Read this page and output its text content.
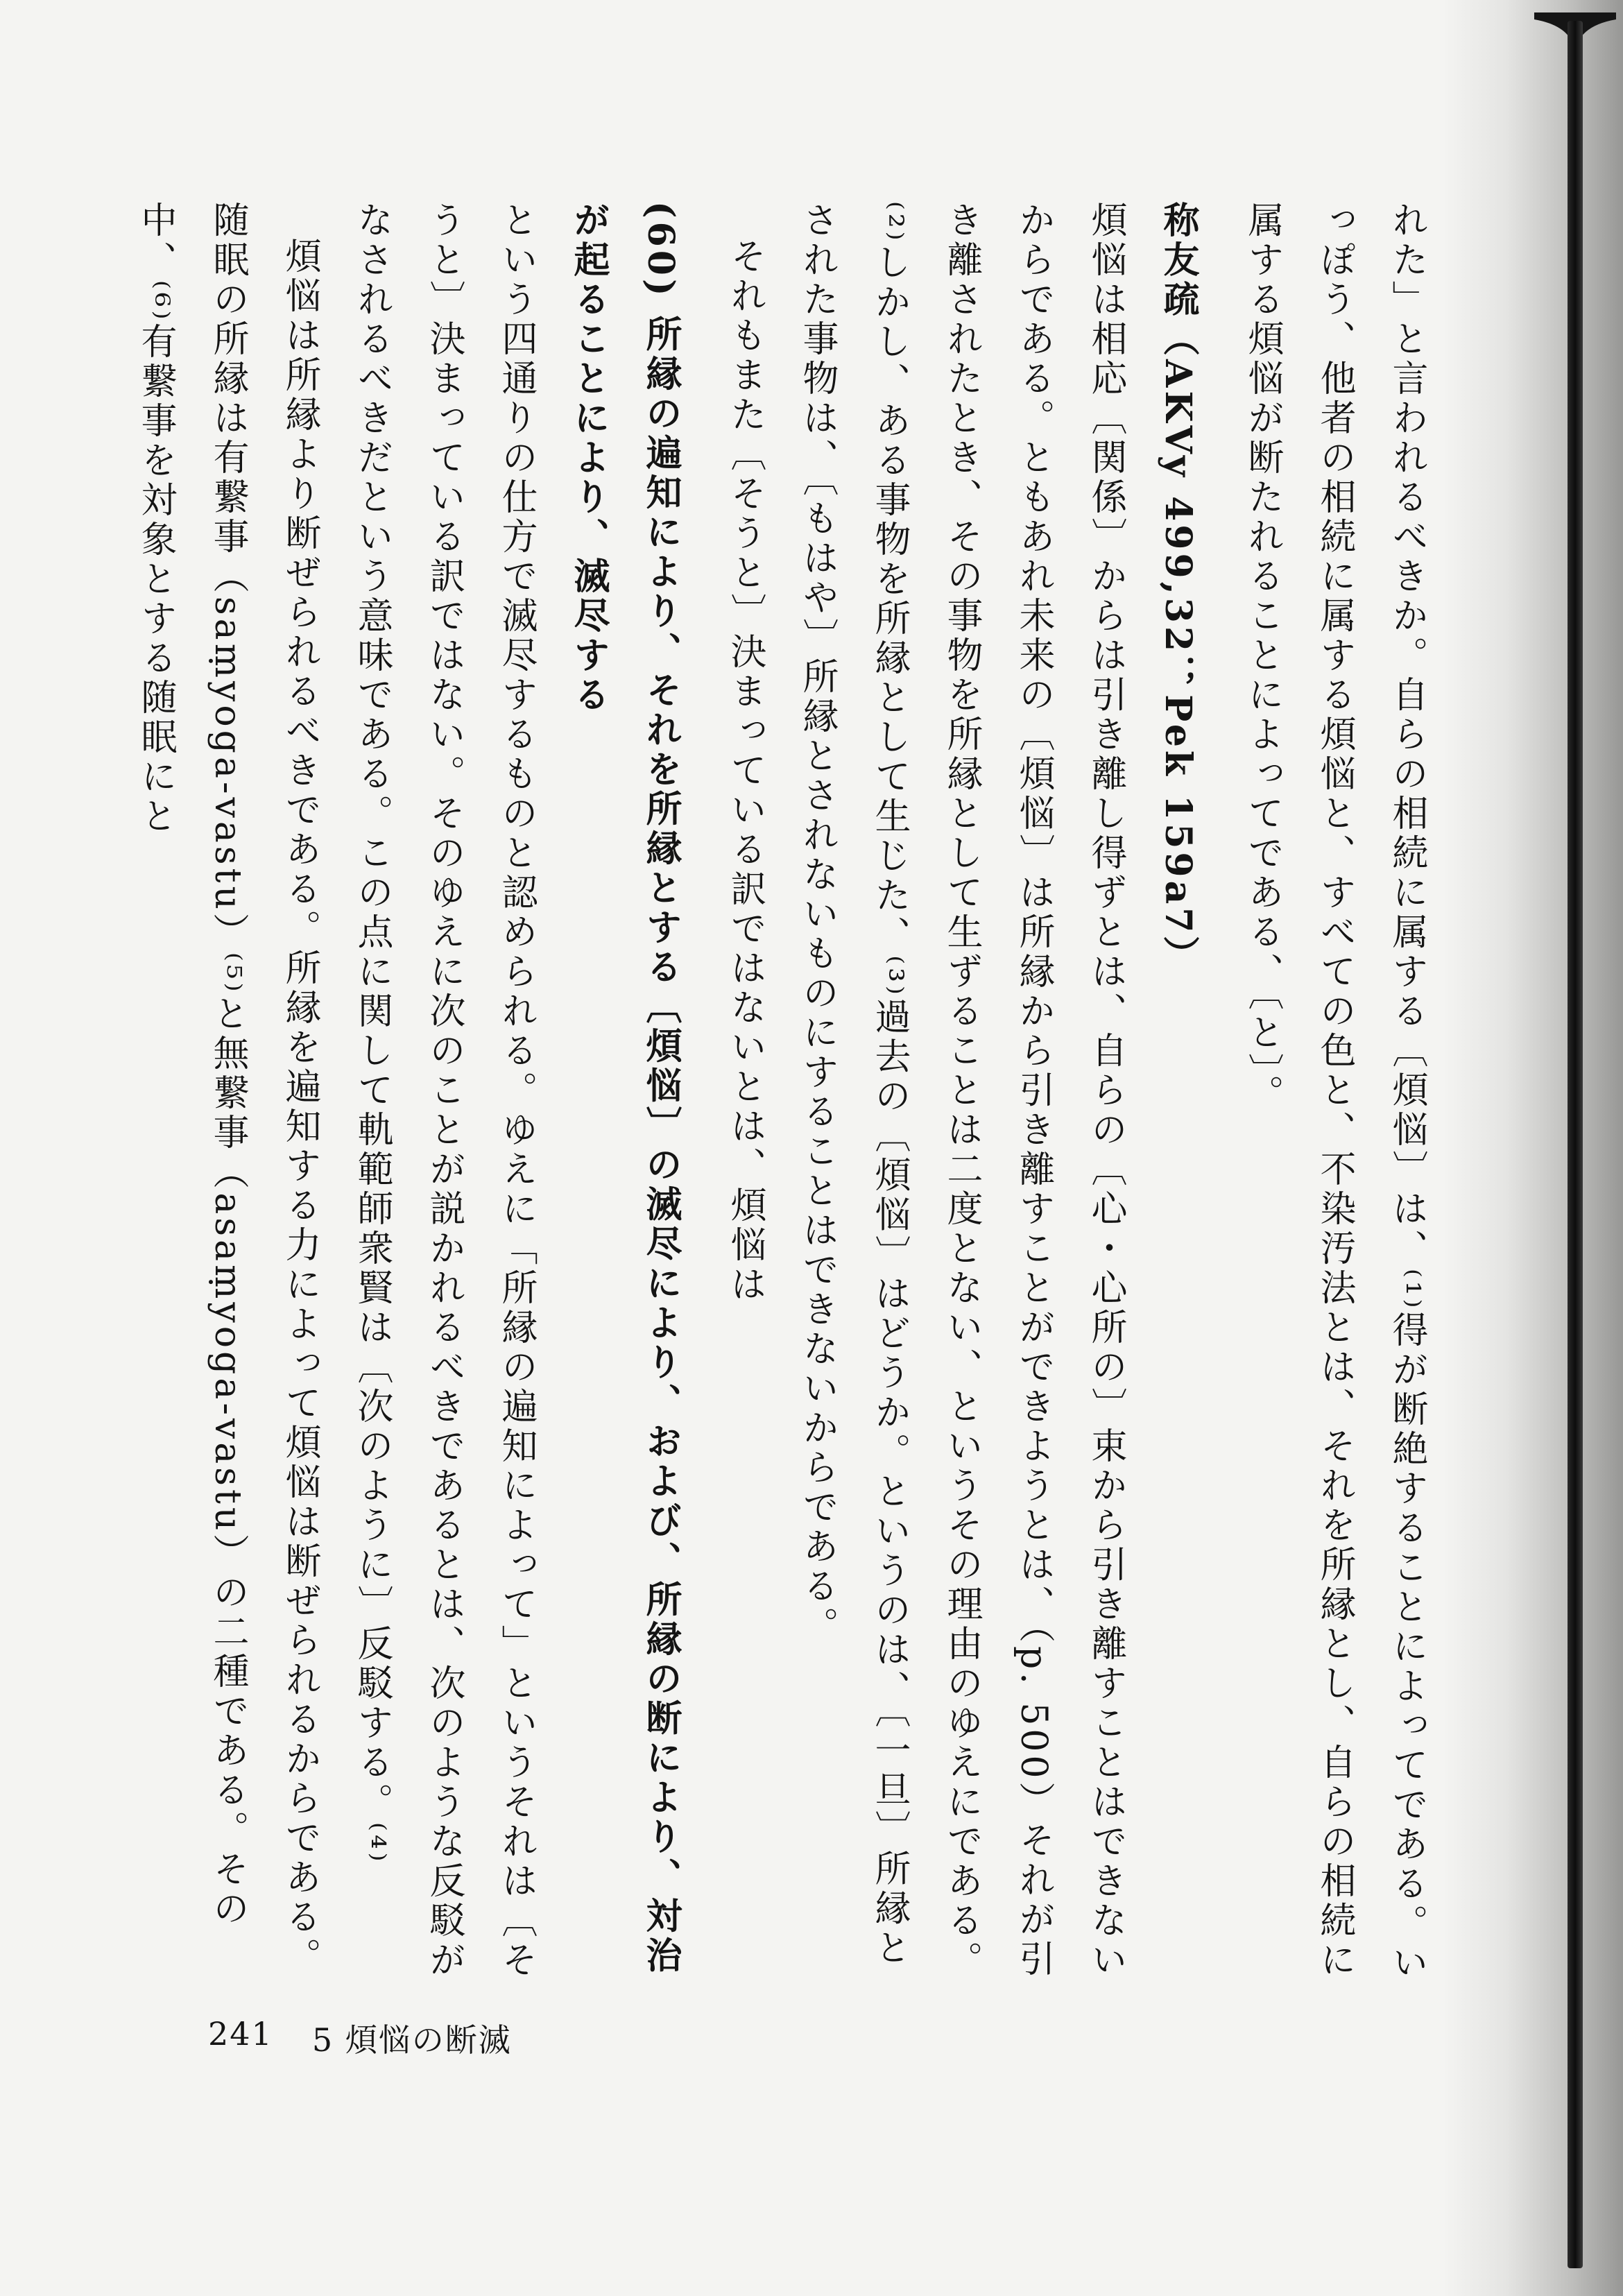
れた」と言われるべきか。自らの相続に属する〔煩悩〕は、⁽¹⁾得が断絶することによってである。いっぽう、他者の相続に属する煩悩と、すべての色と、不染汚法とは、それを所縁とし、自らの相続に属する煩悩が断たれることによってである、〔と〕。

称友疏（AKVy 499,32；Pek 159a7）

煩悩は相応〔関係〕からは引き離し得ずとは、自らの〔心・心所の〕束から引き離すことはできないからである。ともあれ未来の〔煩悩〕は所縁から引き離すことができようとは、（p. 500）それが引き離されたとき、その事物を所縁として生ずることは二度とない、というその理由のゆえにである。⁽²⁾しかし、ある事物を所縁として生じた、⁽³⁾過去の〔煩悩〕はどうか。というのは、〔一旦〕所縁とされた事物は、〔もはや〕所縁とされないものにすることはできないからである。

それもまた〔そうと〕決まっている訳ではないとは、煩悩は

(60) 所縁の遍知により、それを所縁とする〔煩悩〕の滅尽により、および、所縁の断により、対治が起ることにより、滅尽する

という四通りの仕方で滅尽するものと認められる。ゆえに「所縁の遍知によって」というそれは〔そうと〕決まっている訳ではない。そのゆえに次のことが説かれるべきであるとは、次のような反駁がなされるべきだという意味である。この点に関して軌範師衆賢は〔次のように〕反駁する。⁽⁴⁾

煩悩は所縁より断ぜられるべきである。所縁を遍知する力によって煩悩は断ぜられるからである。随眠の所縁は有繋事（saṃyoga-vastu）⁽⁵⁾と無繋事（asaṃyoga-vastu）の二種である。その中、⁽⁶⁾有繋事を対象とする随眠にと

241 5 煩悩の断滅
